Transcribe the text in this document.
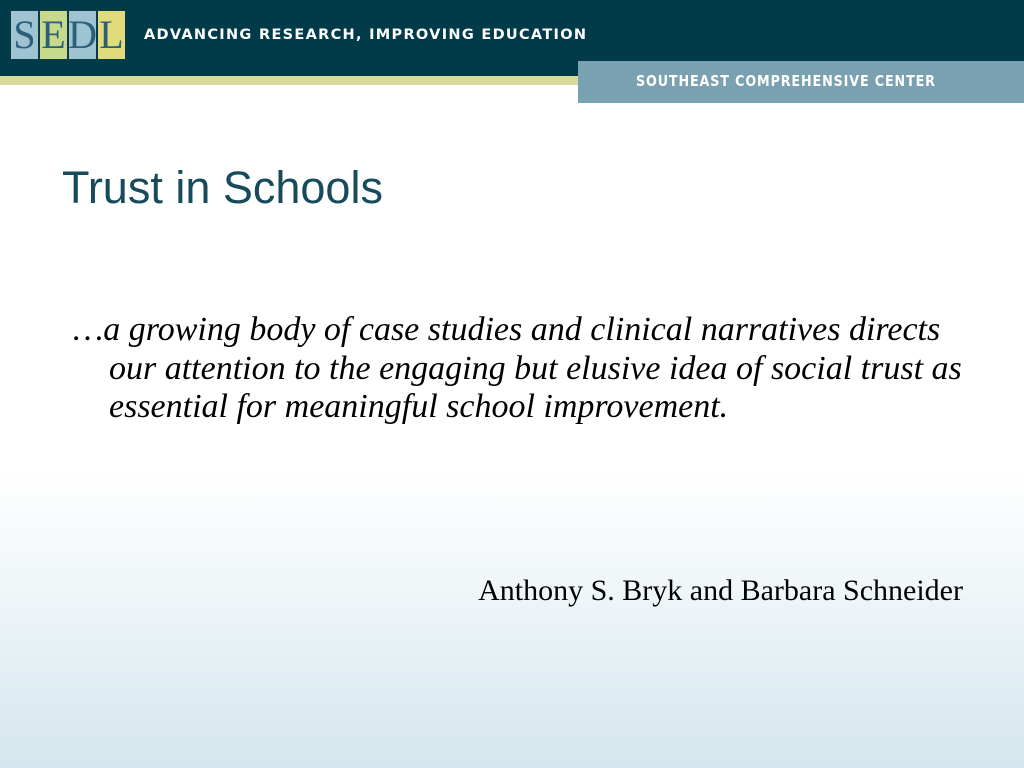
S E D L ADVANCING RESEARCH, IMPROVING EDUCATION
SOUTHEAST COMPREHENSIVE CENTER
Trust in Schools

…a growing body of case studies and clinical narratives directs our attention to the engaging but elusive idea of social trust as essential for meaningful school improvement.

Anthony S. Bryk and Barbara Schneider
